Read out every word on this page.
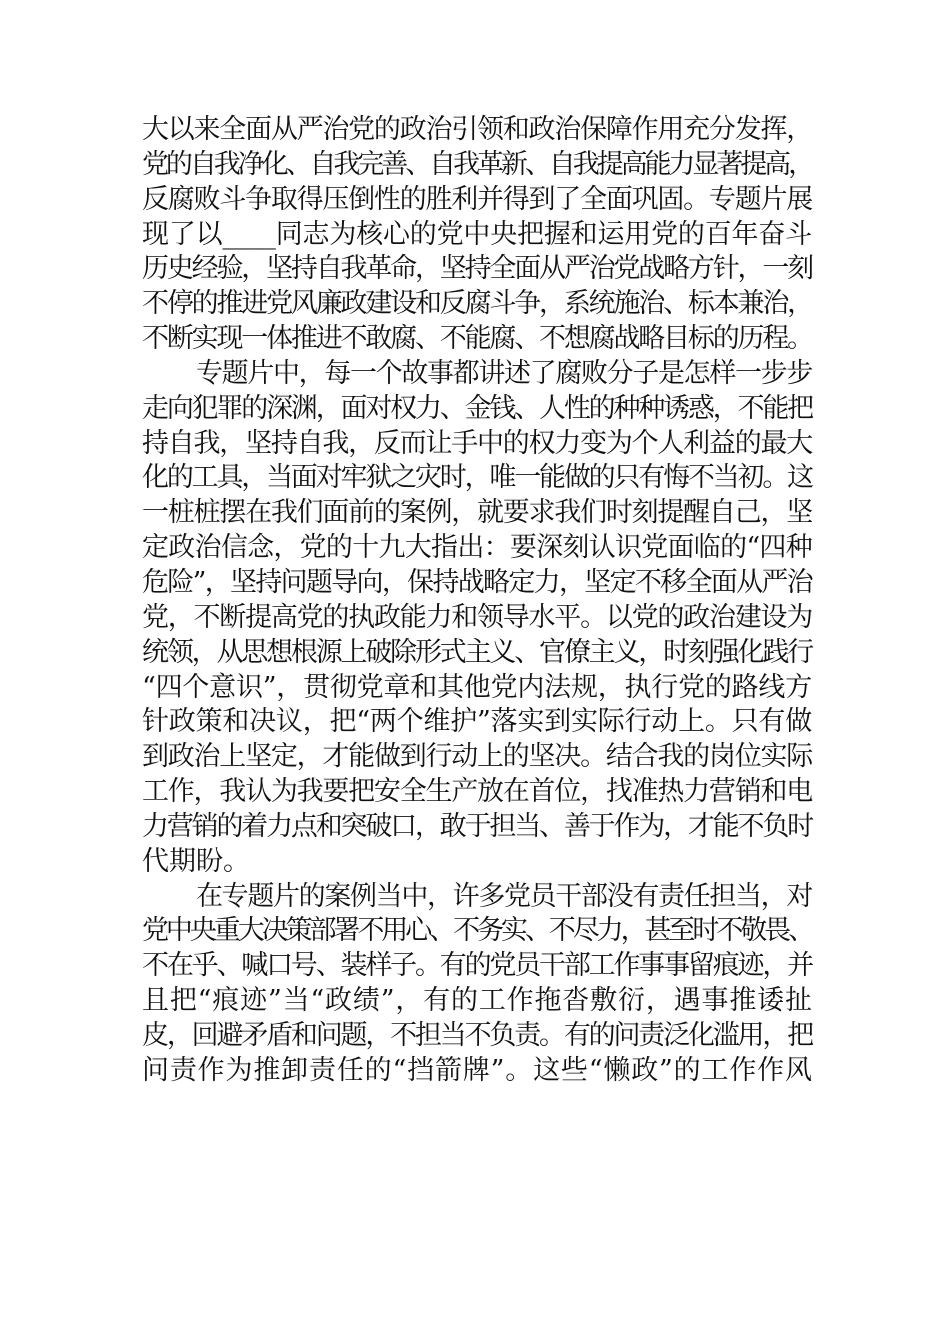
大以来全面从严治党的政治引领和政治保障作用充分发挥，
党的自我净化、自我完善、自我革新、自我提高能力显著提高，
反腐败斗争取得压倒性的胜利并得到了全面巩固。专题片展
现了以____同志为核心的党中央把握和运用党的百年奋斗
历史经验，坚持自我革命，坚持全面从严治党战略方针，一刻
不停的推进党风廉政建设和反腐斗争，系统施治、标本兼治，
不断实现一体推进不敢腐、不能腐、不想腐战略目标的历程。
专题片中，每一个故事都讲述了腐败分子是怎样一步步
走向犯罪的深渊，面对权力、金钱、人性的种种诱惑，不能把
持自我，坚持自我，反而让手中的权力变为个人利益的最大
化的工具，当面对牢狱之灾时，唯一能做的只有悔不当初。这
一桩桩摆在我们面前的案例，就要求我们时刻提醒自己，坚
定政治信念，党的十九大指出：要深刻认识党面临的“四种
危险”，坚持问题导向，保持战略定力，坚定不移全面从严治
党，不断提高党的执政能力和领导水平。以党的政治建设为
统领，从思想根源上破除形式主义、官僚主义，时刻强化践行
“四个意识”，贯彻党章和其他党内法规，执行党的路线方
针政策和决议，把“两个维护”落实到实际行动上。只有做
到政治上坚定，才能做到行动上的坚决。结合我的岗位实际
工作，我认为我要把安全生产放在首位，找准热力营销和电
力营销的着力点和突破口，敢于担当、善于作为，才能不负时
代期盼。
在专题片的案例当中，许多党员干部没有责任担当，对
党中央重大决策部署不用心、不务实、不尽力，甚至时不敬畏、
不在乎、喊口号、装样子。有的党员干部工作事事留痕迹，并
且把“痕迹”当“政绩”，有的工作拖沓敷衍，遇事推诿扯
皮，回避矛盾和问题，不担当不负责。有的问责泛化滥用，把
问责作为推卸责任的“挡箭牌”。这些“懒政”的工作作风
